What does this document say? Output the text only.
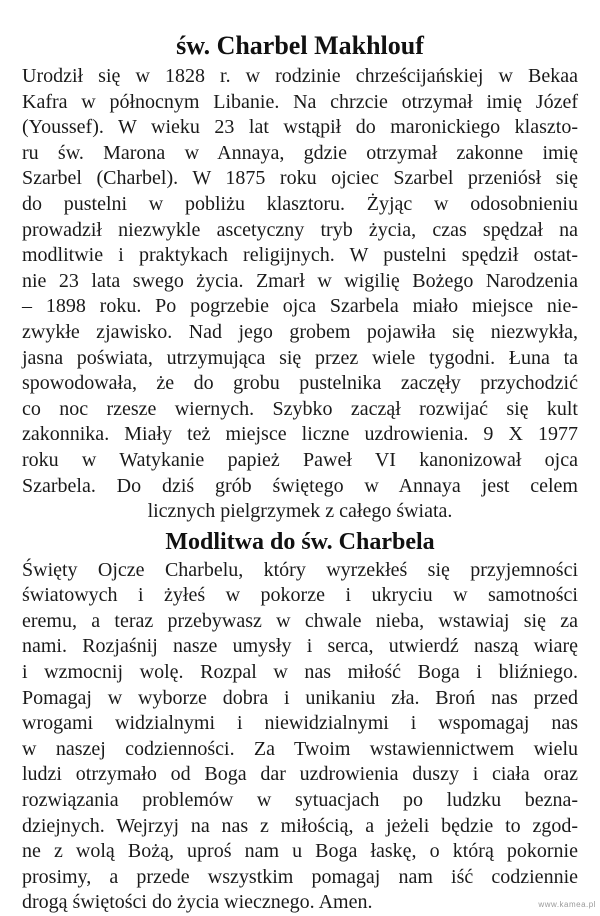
św. Charbel Makhlouf
Urodził się w 1828 r. w rodzinie chrześcijańskiej w Bekaa
Kafra w północnym Libanie. Na chrzcie otrzymał imię Józef
(Youssef). W wieku 23 lat wstąpił do maronickiego klaszto-
ru św. Marona w Annaya, gdzie otrzymał zakonne imię
Szarbel (Charbel). W 1875 roku ojciec Szarbel przeniósł się
do pustelni w pobliżu klasztoru. Żyjąc w odosobnieniu
prowadził niezwykle ascetyczny tryb życia, czas spędzał na
modlitwie i praktykach religijnych. W pustelni spędził ostat-
nie 23 lata swego życia. Zmarł w wigilię Bożego Narodzenia
– 1898 roku. Po pogrzebie ojca Szarbela miało miejsce nie-
zwykłe zjawisko. Nad jego grobem pojawiła się niezwykła,
jasna poświata, utrzymująca się przez wiele tygodni. Łuna ta
spowodowała, że do grobu pustelnika zaczęły przychodzić
co noc rzesze wiernych. Szybko zaczął rozwijać się kult
zakonnika. Miały też miejsce liczne uzdrowienia. 9 X 1977
roku w Watykanie papież Paweł VI kanonizował ojca
Szarbela. Do dziś grób świętego w Annaya jest celem
licznych pielgrzymek z całego świata.
Modlitwa do św. Charbela
Święty Ojcze Charbelu, który wyrzekłeś się przyjemności
światowych i żyłeś w pokorze i ukryciu w samotności
eremu, a teraz przebywasz w chwale nieba, wstawiaj się za
nami. Rozjaśnij nasze umysły i serca, utwierdź naszą wiarę
i wzmocnij wolę. Rozpal w nas miłość Boga i bliźniego.
Pomagaj w wyborze dobra i unikaniu zła. Broń nas przed
wrogami widzialnymi i niewidzialnymi i wspomagaj nas
w naszej codzienności. Za Twoim wstawiennictwem wielu
ludzi otrzymało od Boga dar uzdrowienia duszy i ciała oraz
rozwiązania problemów w sytuacjach po ludzku bezna-
dziejnych. Wejrzyj na nas z miłością, a jeżeli będzie to zgod-
ne z wolą Bożą, uproś nam u Boga łaskę, o którą pokornie
prosimy, a przede wszystkim pomagaj nam iść codziennie
drogą świętości do życia wiecznego. Amen.	www.kamea.pl
